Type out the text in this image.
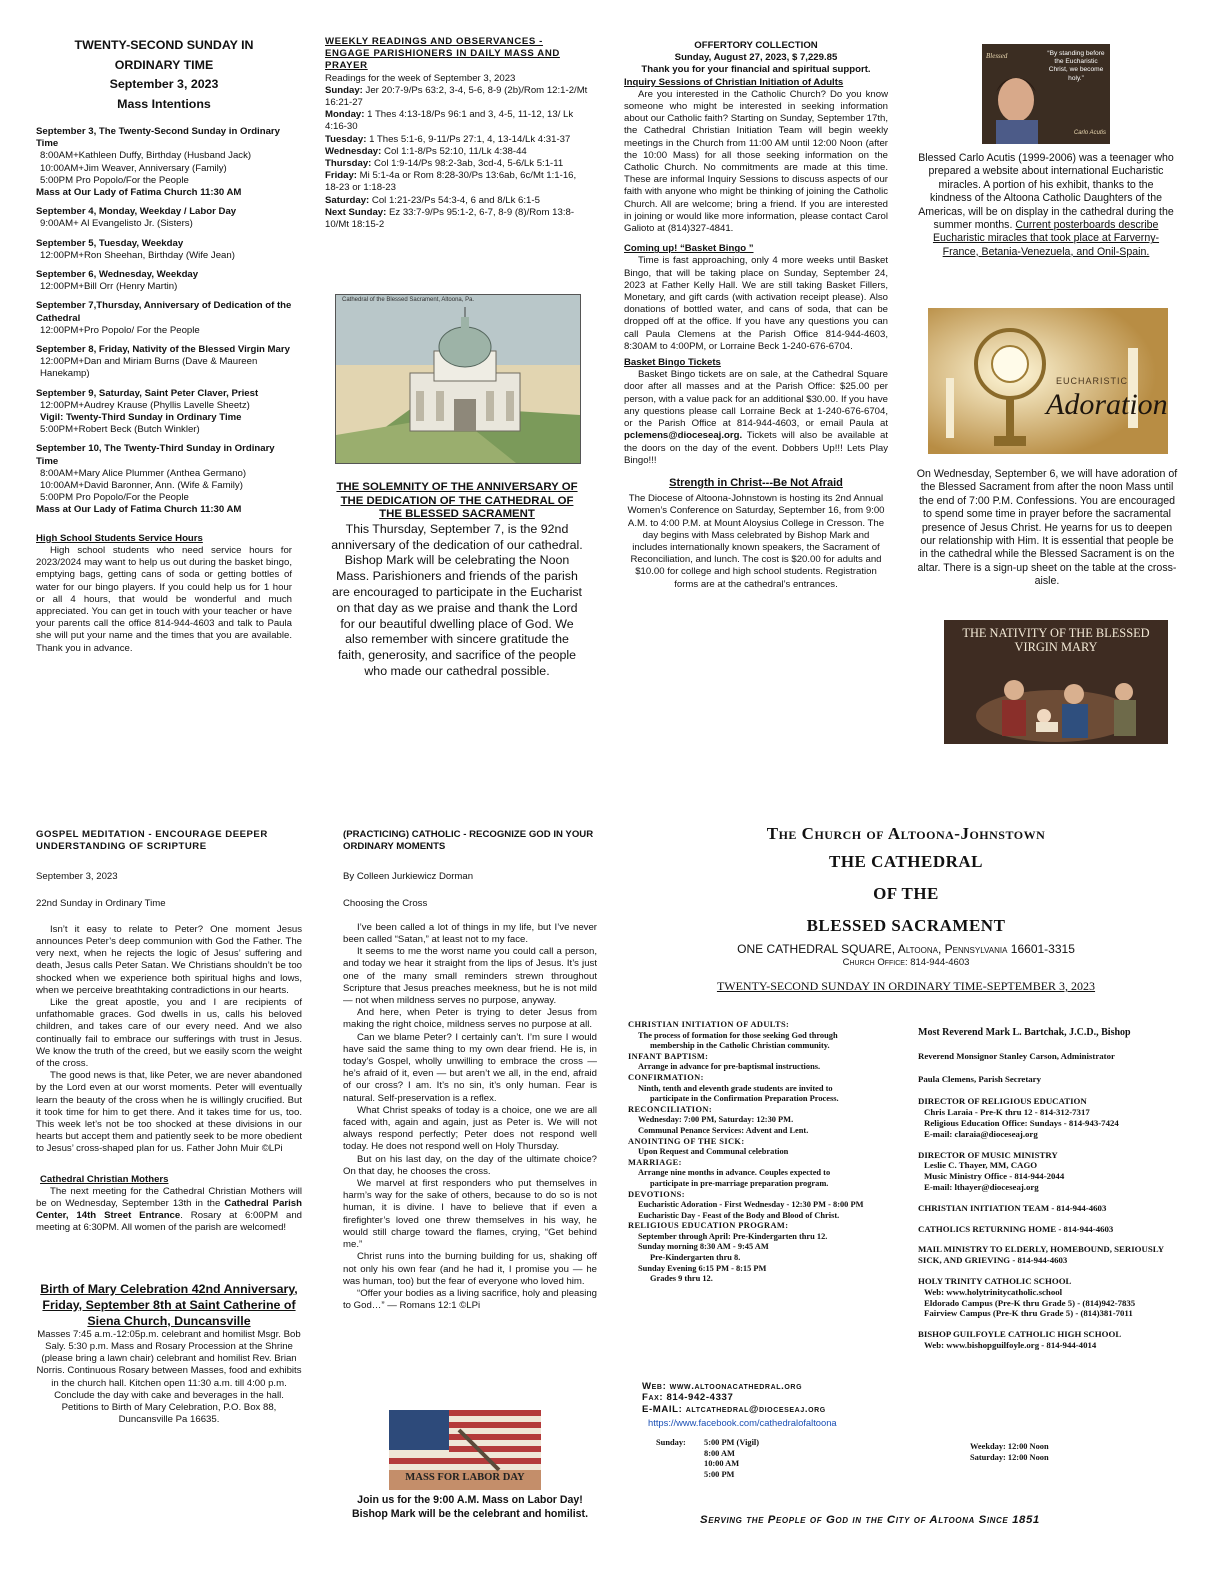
TWENTY-SECOND SUNDAY IN
ORDINARY TIME
September 3, 2023
Mass Intentions
September 3, The Twenty-Second Sunday in Ordinary Time
8:00AM+Kathleen Duffy, Birthday (Husband Jack)
10:00AM+Jim Weaver, Anniversary (Family)
5:00PM Pro Popolo/For the People
Mass at Our Lady of Fatima Church 11:30 AM
September 4, Monday, Weekday / Labor Day
9:00AM+ Al Evangelisto Jr. (Sisters)
September 5, Tuesday, Weekday
12:00PM+Ron Sheehan, Birthday (Wife Jean)
September 6, Wednesday, Weekday
12:00PM+Bill Orr (Henry Martin)
September 7,Thursday, Anniversary of Dedication of the Cathedral
12:00PM+Pro Popolo/ For the People
September 8, Friday, Nativity of the Blessed Virgin Mary
12:00PM+Dan and Miriam Burns (Dave & Maureen Hanekamp)
September 9, Saturday, Saint Peter Claver, Priest
12:00PM+Audrey Krause (Phyllis Lavelle Sheetz)
Vigil: Twenty-Third Sunday in Ordinary Time
5:00PM+Robert Beck (Butch Winkler)
September 10, The Twenty-Third Sunday in Ordinary Time
8:00AM+Mary Alice Plummer (Anthea Germano)
10:00AM+David Baronner, Ann. (Wife & Family)
5:00PM Pro Popolo/For the People
Mass at Our Lady of Fatima Church 11:30 AM
High School Students Service Hours

High school students who need service hours for 2023/2024 may want to help us out during the basket bingo, emptying bags, getting cans of soda or getting bottles of water for our bingo players. If you could help us for 1 hour or all 4 hours, that would be wonderful and much appreciated. You can get in touch with your teacher or have your parents call the office 814-944-4603 and talk to Paula she will put your name and the times that you are available. Thank you in advance.

WEEKLY READINGS AND OBSERVANCES - ENGAGE PARISHIONERS IN DAILY MASS AND PRAYER
Readings for the week of September 3, 2023
Sunday: Jer 20:7-9/Ps 63:2, 3-4, 5-6, 8-9 (2b)/Rom 12:1-2/Mt 16:21-27
Monday: 1 Thes 4:13-18/Ps 96:1 and 3, 4-5, 11-12, 13/ Lk 4:16-30
Tuesday: 1 Thes 5:1-6, 9-11/Ps 27:1, 4, 13-14/Lk 4:31-37
Wednesday: Col 1:1-8/Ps 52:10, 11/Lk 4:38-44
Thursday: Col 1:9-14/Ps 98:2-3ab, 3cd-4, 5-6/Lk 5:1-11
Friday: Mi 5:1-4a or Rom 8:28-30/Ps 13:6ab, 6c/Mt 1:1-16, 18-23 or 1:18-23
Saturday: Col 1:21-23/Ps 54:3-4, 6 and 8/Lk 6:1-5
Next Sunday: Ez 33:7-9/Ps 95:1-2, 6-7, 8-9 (8)/Rom 13:8-10/Mt 18:15-2
Cathedral of the Blessed Sacrament, Altoona, Pa.
THE SOLEMNITY OF THE ANNIVERSARY OF THE DEDICATION OF THE CATHEDRAL OF THE BLESSED SACRAMENT

This Thursday, September 7, is the 92nd anniversary of the dedication of our cathedral. Bishop Mark will be celebrating the Noon Mass. Parishioners and friends of the parish are encouraged to participate in the Eucharist on that day as we praise and thank the Lord for our beautiful dwelling place of God. We also remember with sincere gratitude the faith, generosity, and sacrifice of the people who made our cathedral possible.

OFFERTORY COLLECTION
Sunday, August 27, 2023, $ 7,229.85
Thank you for your financial and spiritual support.
Inquiry Sessions of Christian Initiation of Adults

Are you interested in the Catholic Church? Do you know someone who might be interested in seeking information about our Catholic faith? Starting on Sunday, September 17th, the Cathedral Christian Initiation Team will begin weekly meetings in the Church from 11:00 AM until 12:00 Noon (after the 10:00 Mass) for all those seeking information on the Catholic Church. No commitments are made at this time. These are informal Inquiry Sessions to discuss aspects of our faith with anyone who might be thinking of joining the Catholic Church. All are welcome; bring a friend. If you are interested in joining or would like more information, please contact Carol Galioto at (814)327-4841.

Coming up! “Basket Bingo ”

Time is fast approaching, only 4 more weeks until Basket Bingo, that will be taking place on Sunday, September 24, 2023 at Father Kelly Hall. We are still taking Basket Fillers, Monetary, and gift cards (with activation receipt please). Also donations of bottled water, and cans of soda, that can be dropped off at the office. If you have any questions you can call Paula Clemens at the Parish Office 814-944-4603, 8:30AM to 4:00PM, or Lorraine Beck 1-240-676-6704.

Basket Bingo Tickets

Basket Bingo tickets are on sale, at the Cathedral Square door after all masses and at the Parish Office: $25.00 per person, with a value pack for an additional $30.00. If you have any questions please call Lorraine Beck at 1-240-676-6704, or the Parish Office at 814-944-4603, or email Paula at pclemens@dioceseaj.org. Tickets will also be available at the doors on the day of the event. Dobbers Up!!! Lets Play Bingo!!!

Strength in Christ---Be Not Afraid

The Diocese of Altoona-Johnstown is hosting its 2nd Annual Women’s Conference on Saturday, September 16, from 9:00 A.M. to 4:00 P.M. at Mount Aloysius College in Cresson. The day begins with Mass celebrated by Bishop Mark and includes internationally known speakers, the Sacrament of Reconciliation, and lunch. The cost is $20.00 for adults and $10.00 for college and high school students. Registration forms are at the cathedral’s entrances.

Blessed	“By standing before the Eucharistic Christ, we become holy.”
Carlo Acutis
Blessed Carlo Acutis (1999-2006) was a teenager who prepared a website about international Eucharistic miracles. A portion of his exhibit, thanks to the kindness of the Altoona Catholic Daughters of the Americas, will be on display in the cathedral during the summer months. Current posterboards describe Eucharistic miracles that took place at Farverny-France, Betania-Venezuela, and Onil-Spain.
EUCHARISTIC
Adoration

On Wednesday, September 6, we will have adoration of the Blessed Sacrament from after the noon Mass until the end of 7:00 P.M. Confessions. You are encouraged to spend some time in prayer before the sacramental presence of Jesus Christ. He yearns for us to deepen our relationship with Him. It is essential that people be in the cathedral while the Blessed Sacrament is on the altar. There is a sign-up sheet on the table at the cross-aisle.

THE NATIVITY OF THE BLESSED
VIRGIN MARY
GOSPEL MEDITATION - ENCOURAGE DEEPER UNDERSTANDING OF SCRIPTURE
September 3, 2023
22nd Sunday in Ordinary Time

Isn’t it easy to relate to Peter? One moment Jesus announces Peter’s deep communion with God the Father. The very next, when he rejects the logic of Jesus’ suffering and death, Jesus calls Peter Satan. We Christians shouldn’t be too shocked when we experience both spiritual highs and lows, when we perceive breathtaking contradictions in our hearts.

Like the great apostle, you and I are recipients of unfathomable graces. God dwells in us, calls his beloved children, and takes care of our every need. And we also continually fail to embrace our sufferings with trust in Jesus. We know the truth of the creed, but we easily scorn the weight of the cross.

The good news is that, like Peter, we are never abandoned by the Lord even at our worst moments. Peter will eventually learn the beauty of the cross when he is willingly crucified. But it took time for him to get there. And it takes time for us, too. This week let’s not be too shocked at these divisions in our hearts but accept them and patiently seek to be more obedient to Jesus’ cross-shaped plan for us. Father John Muir ©LPi

Cathedral Christian Mothers

The next meeting for the Cathedral Christian Mothers will be on Wednesday, September 13th in the Cathedral Parish Center, 14th Street Entrance. Rosary at 6:00PM and meeting at 6:30PM. All women of the parish are welcomed!

Birth of Mary Celebration 42nd Anniversary, Friday, September 8th at Saint Catherine of Siena Church, Duncansville

Masses 7:45 a.m.-12:05p.m. celebrant and homilist Msgr. Bob Saly. 5:30 p.m. Mass and Rosary Procession at the Shrine (please bring a lawn chair) celebrant and homilist Rev. Brian Norris. Continuous Rosary between Masses, food and exhibits in the church hall. Kitchen open 11:30 a.m. till 4:00 p.m. Conclude the day with cake and beverages in the hall. Petitions to Birth of Mary Celebration, P.O. Box 88, Duncansville Pa 16635.

(PRACTICING) CATHOLIC - RECOGNIZE GOD IN YOUR ORDINARY MOMENTS
By Colleen Jurkiewicz Dorman
Choosing the Cross

I’ve been called a lot of things in my life, but I’ve never been called “Satan,” at least not to my face.

It seems to me the worst name you could call a person, and today we hear it straight from the lips of Jesus. It’s just one of the many small reminders strewn throughout Scripture that Jesus preaches meekness, but he is not mild — not when mildness serves no purpose, anyway.

And here, when Peter is trying to deter Jesus from making the right choice, mildness serves no purpose at all.

Can we blame Peter? I certainly can’t. I’m sure I would have said the same thing to my own dear friend. He is, in today’s Gospel, wholly unwilling to embrace the cross — he’s afraid of it, even — but aren’t we all, in the end, afraid of our cross? I am. It’s no sin, it’s only human. Fear is natural. Self-preservation is a reflex.

What Christ speaks of today is a choice, one we are all faced with, again and again, just as Peter is. We will not always respond perfectly; Peter does not respond well today. He does not respond well on Holy Thursday.

But on his last day, on the day of the ultimate choice? On that day, he chooses the cross.

We marvel at first responders who put themselves in harm’s way for the sake of others, because to do so is not human, it is divine. I have to believe that if even a firefighter’s loved one threw themselves in his way, he would still charge toward the flames, crying, “Get behind me.”

Christ runs into the burning building for us, shaking off not only his own fear (and he had it, I promise you — he was human, too) but the fear of everyone who loved him.

“Offer your bodies as a living sacrifice, holy and pleasing to God…” — Romans 12:1 ©LPi

MASS FOR LABOR DAY
Join us for the 9:00 A.M. Mass on Labor Day! Bishop Mark will be the celebrant and homilist.
The Church of Altoona-Johnstown
THE CATHEDRAL
OF THE
BLESSED SACRAMENT
ONE CATHEDRAL SQUARE, Altoona, Pennsylvania 16601-3315
Church Office: 814-944-4603
TWENTY-SECOND SUNDAY IN ORDINARY TIME-SEPTEMBER 3, 2023
CHRISTIAN INITIATION OF ADULTS:
The process of formation for those seeking God through
membership in the Catholic Christian community.
INFANT BAPTISM:
Arrange in advance for pre-baptismal instructions.
CONFIRMATION:
Ninth, tenth and eleventh grade students are invited to
participate in the Confirmation Preparation Process.
RECONCILIATION:
Wednesday: 7:00 PM, Saturday: 12:30 PM.
Communal Penance Services: Advent and Lent.
ANOINTING OF THE SICK:
Upon Request and Communal celebration
MARRIAGE:
Arrange nine months in advance. Couples expected to
participate in pre-marriage preparation program.
DEVOTIONS:
Eucharistic Adoration - First Wednesday - 12:30 PM - 8:00 PM
Eucharistic Day - Feast of the Body and Blood of Christ.
RELIGIOUS EDUCATION PROGRAM:
September through April: Pre-Kindergarten thru 12.
Sunday morning 8:30 AM - 9:45 AM
Pre-Kindergarten thru 8.
Sunday Evening 6:15 PM - 8:15 PM
Grades 9 thru 12.
Most Reverend Mark L. Bartchak, J.C.D., Bishop
Reverend Monsignor Stanley Carson, Administrator
Paula Clemens, Parish Secretary
DIRECTOR OF RELIGIOUS EDUCATION
Chris Laraia - Pre-K thru 12 - 814-312-7317
Religious Education Office: Sundays - 814-943-7424
E-mail: claraia@dioceseaj.org
DIRECTOR OF MUSIC MINISTRY
Leslie C. Thayer, MM, CAGO
Music Ministry Office - 814-944-2044
E-mail: lthayer@dioceseaj.org
CHRISTIAN INITIATION TEAM - 814-944-4603
CATHOLICS RETURNING HOME - 814-944-4603
MAIL MINISTRY TO ELDERLY, HOMEBOUND, SERIOUSLY SICK, AND GRIEVING - 814-944-4603
HOLY TRINITY CATHOLIC SCHOOL
Web: www.holytrinitycatholic.school
Eldorado Campus (Pre-K thru Grade 5) - (814)942-7835
Fairview Campus (Pre-K thru Grade 5) - (814)381-7011
BISHOP GUILFOYLE CATHOLIC HIGH SCHOOL
Web: www.bishopguilfoyle.org - 814-944-4014
Web: www.altoonacathedral.org
Fax: 814-942-4337
E-MAIL: altcathedral@dioceseaj.org
https://www.facebook.com/cathedralofaltoona
Sunday: 5:00 PM (Vigil)
8:00 AM
10:00 AM
5:00 PM
Weekday: 12:00 Noon
Saturday: 12:00 Noon
Serving the People of God in the City of Altoona Since 1851
